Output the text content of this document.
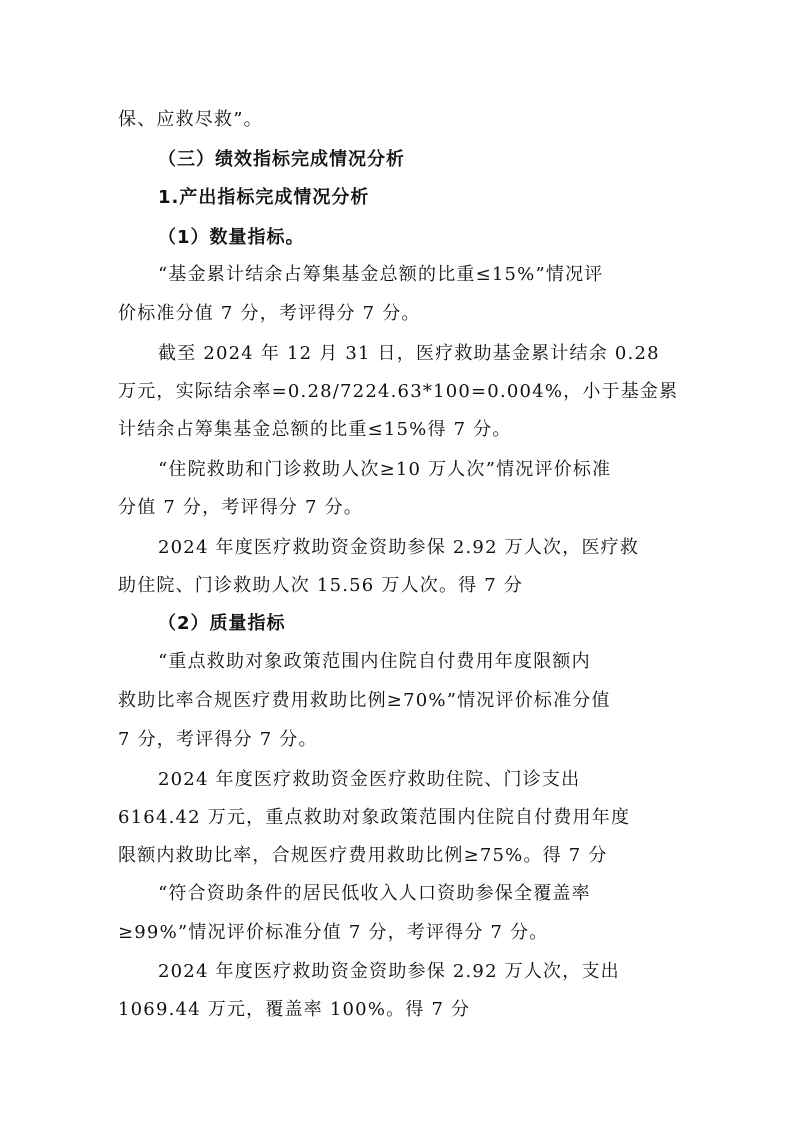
保、应救尽救”。
（三）绩效指标完成情况分析
1.产出指标完成情况分析
（1）数量指标。
“基金累计结余占筹集基金总额的比重≤15%”情况评
价标准分值 7 分，考评得分 7 分。
截至 2024 年 12 月 31 日，医疗救助基金累计结余 0.28
万元，实际结余率=0.28/7224.63*100=0.004%，小于基金累
计结余占筹集基金总额的比重≤15%得 7 分。
“住院救助和门诊救助人次≥10 万人次”情况评价标准
分值 7 分，考评得分 7 分。
2024 年度医疗救助资金资助参保 2.92 万人次，医疗救
助住院、门诊救助人次 15.56 万人次。得 7 分
（2）质量指标
“重点救助对象政策范围内住院自付费用年度限额内
救助比率合规医疗费用救助比例≥70%”情况评价标准分值
7 分，考评得分 7 分。
2024 年度医疗救助资金医疗救助住院、门诊支出
6164.42 万元，重点救助对象政策范围内住院自付费用年度
限额内救助比率，合规医疗费用救助比例≥75%。得 7 分
“符合资助条件的居民低收入人口资助参保全覆盖率
≥99%”情况评价标准分值 7 分，考评得分 7 分。
2024 年度医疗救助资金资助参保 2.92 万人次，支出
1069.44 万元，覆盖率 100%。得 7 分
